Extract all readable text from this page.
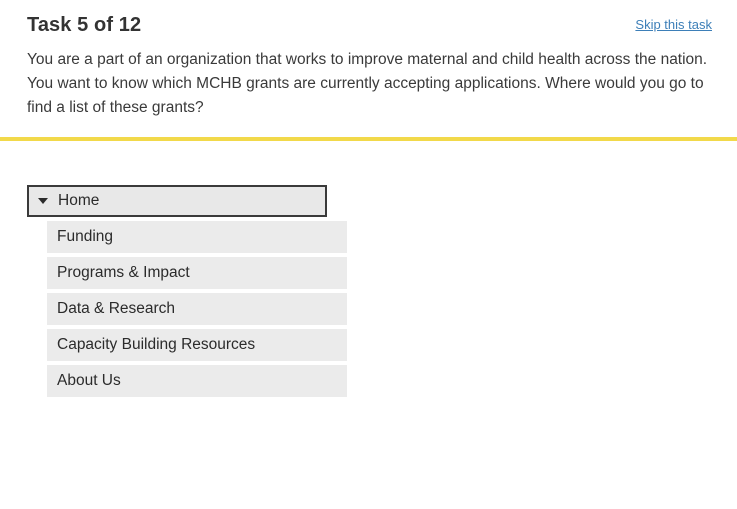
Task 5 of 12	Skip this task

You are a part of an organization that works to improve maternal and child health across the nation. You want to know which MCHB grants are currently accepting applications. Where would you go to find a list of these grants?

Home
Funding
Programs & Impact
Data & Research
Capacity Building Resources
About Us
